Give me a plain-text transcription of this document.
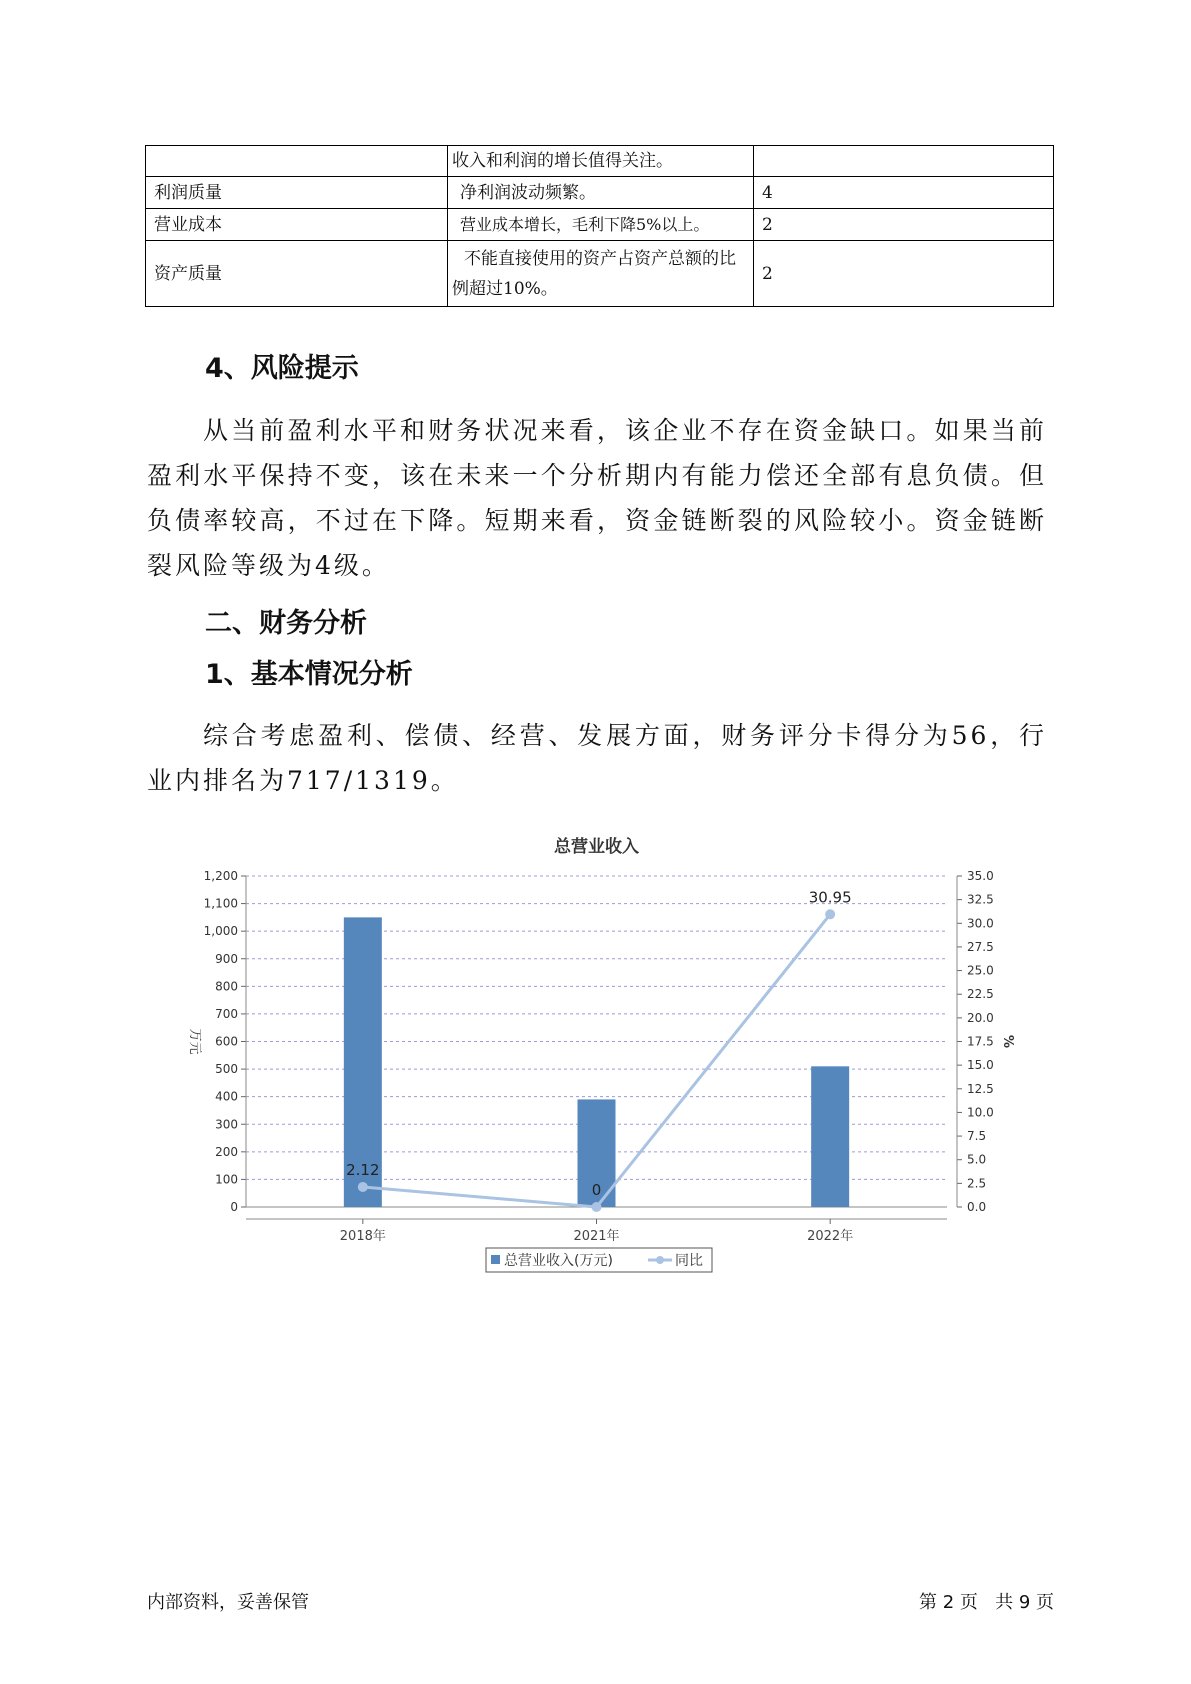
	收入和利润的增长值得关注。	
利润质量	净利润波动频繁。	4
营业成本	营业成本增长，毛利下降5%以上。	2
资产质量	不能直接使用的资产占资产总额的比例超过10%。	2
4、风险提示

从当前盈利水平和财务状况来看，该企业不存在资金缺口。如果当前盈利水平保持不变，该在未来一个分析期内有能力偿还全部有息负债。但负债率较高，不过在下降。短期来看，资金链断裂的风险较小。资金链断裂风险等级为4级。

二、财务分析
1、基本情况分析

综合考虑盈利、偿债、经营、发展方面，财务评分卡得分为56，行业内排名为717/1319。

总营业收入
0
100
200
300
400
500
600
700
800
900
1,000
1,100
1,200
0.0
2.5
5.0
7.5
10.0
12.5
15.0
17.5
20.0
22.5
25.0
27.5
30.0
32.5
35.0
万元	%
2018年	2021年	2022年
2.12
0
30.95
总营业收入(万元)	同比
内部资料，妥善保管	第 2 页   共 9 页
